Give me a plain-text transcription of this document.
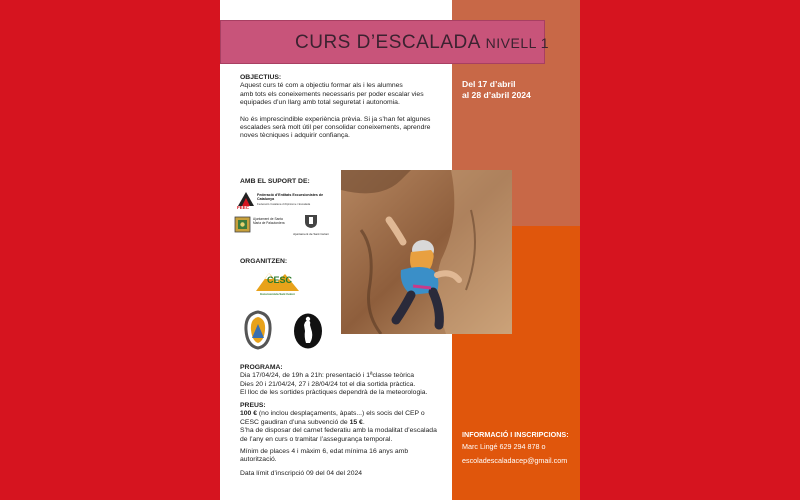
CURS D’ESCALADA NIVELL 1
OBJECTIUS:
Aquest curs té com a objectiu formar als i les alumnes
amb tots els coneixements necessaris per poder escalar vies
equipades d’un llarg amb total seguretat i autonomia.
No és imprescindible experiència prèvia. Si ja s’han fet algunes
escalades serà molt útil per consolidar coneixements, aprendre
noves tècniques i adquirir confiança.
Del 17 d’abril
al 28 d’abril 2024
AMB EL SUPORT DE:
FEEC
Federació d’Entitats Excursionistes de Catalunya
Federació Catalana d’Alpinisme i Escalada
Ajuntament de Santa Maria de Palautordera
Ajuntament de Sant Celoni
ORGANITZEN:
CESC
Excursionista Sant Celoni
PROGRAMA:
Dia 17/04/24, de 19h a 21h: presentació i 1ªclasse teòrica
Dies 20 i 21/04/24, 27 i 28/04/24 tot el dia sortida pràctica.
El lloc de les sortides pràctiques dependrà de la meteorologia.
PREUS:
100 € (no inclou desplaçaments, àpats...) els socis del CEP o
CESC gaudiran d’una subvenció de 15 €.
S’ha de disposar del carnet federatiu amb la modalitat d’escalada
de l’any en curs o tramitar l’assegurança temporal.
Mínim de places 4 i màxim 6, edat mínima 16 anys amb
autorització.
Data límit d’inscripció 09 del 04 del 2024
INFORMACIÓ I INSCRIPCIONS:
Marc Lingé 629 294 878 o
escoladescaladacep@gmail.com
